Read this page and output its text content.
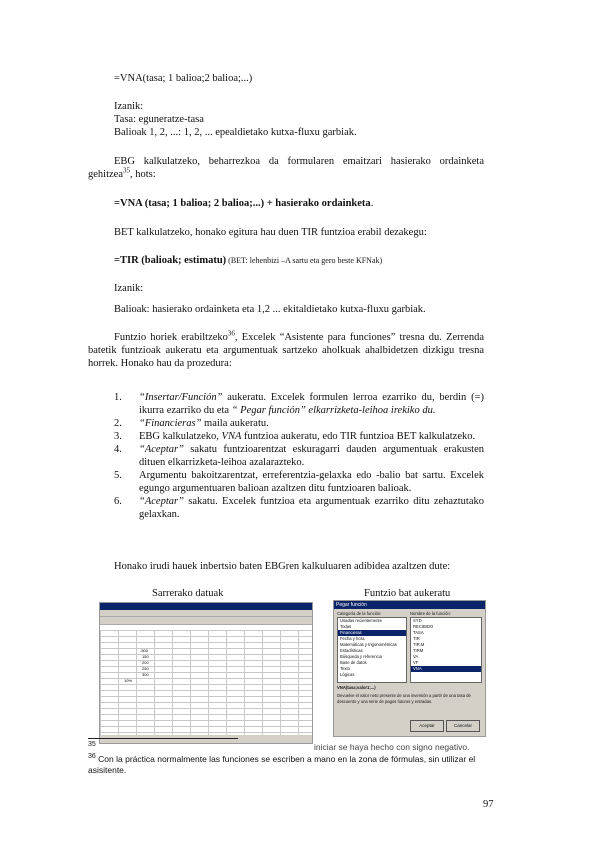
=VNA(tasa; 1 balioa;2 balioa;...)

Izanik:

Tasa: eguneratze-tasa

Balioak 1, 2, ...: 1, 2, ... epealdietako kutxa-fluxu garbiak.

EBG kalkulatzeko, beharrezkoa da formularen emaitzari hasierako ordainketa gehitzea$^{35}$, hots:

=VNA (tasa; 1 balioa; 2 balioa;...) + hasierako ordainketa.

BET kalkulatzeko, honako egitura hau duen TIR funtzioa erabil dezakegu:

=TIR (balioak; estimatu) (BET: lehenbizi –A sartu eta gero beste KFNak)

Izanik:

Balioak: hasierako ordainketa eta 1,2 ... ekitaldietako kutxa-fluxu garbiak.

Funtzio horiek erabiltzeko$^{36}$, Excelek “Asistente para funciones” tresna du. Zerrenda batetik funtzioak aukeratu eta argumentuak sartzeko aholkuak ahalbidetzen dizkigu tresna horrek. Honako hau da prozedura:

1. “Insertar/Función” aukeratu. Excelek formulen lerroa ezarriko du, berdin (=) ikurra ezarriko du eta “ Pegar función” elkarrizketa-leihoa irekiko du.
2. “Financieras” maila aukeratu.
3. EBG kalkulatzeko, VNA funtzioa aukeratu, edo TIR funtzioa BET kalkulatzeko.
4. “Aceptar” sakatu funtzioarentzat eskuragarri dauden argumentuak erakusten dituen elkarrizketa-leihoa azalarazteko.
5. Argumentu bakoitzarentzat, erreferentzia-gelaxka edo -balio bat sartu. Excelek egungo argumentuaren balioan azaltzen ditu funtzioaren balioak.
6. “Aceptar” sakatu. Excelek funtzioa eta argumentuak ezarriko ditu zehaztutako gelaxkan.

Honako irudi hauek inbertsio baten EBGren kalkuluaren adibidea azaltzen dute:

Sarrerako datuak	Funtzio bat aukeratu
-500
150
200
250
300
10%
Pegar función
Categoría de la función:	Nombre de la función:
Usadas recientemente
Todas
Financieras
Fecha y hora
Matemáticas y trigonométricas
Estadísticas
Búsqueda y referencia
Base de datos
Texto
Lógicas
SYD
RECIBIDO
TASA
TIR
TIR.M
TIRM
VA
VF
VNA
VNA(tasa;valor1;...)
Devuelve el valor neto presente de una inversión a partir de una tasa de descuento y una serie de pagos futuros y entradas.
Aceptar	Cancelar
$^{35}$	iniciar se haya hecho con signo negativo.
$^{36}$ Con la práctica normalmente las funciones se escriben a mano en la zona de fórmulas, sin utilizar el asisitente.
97
